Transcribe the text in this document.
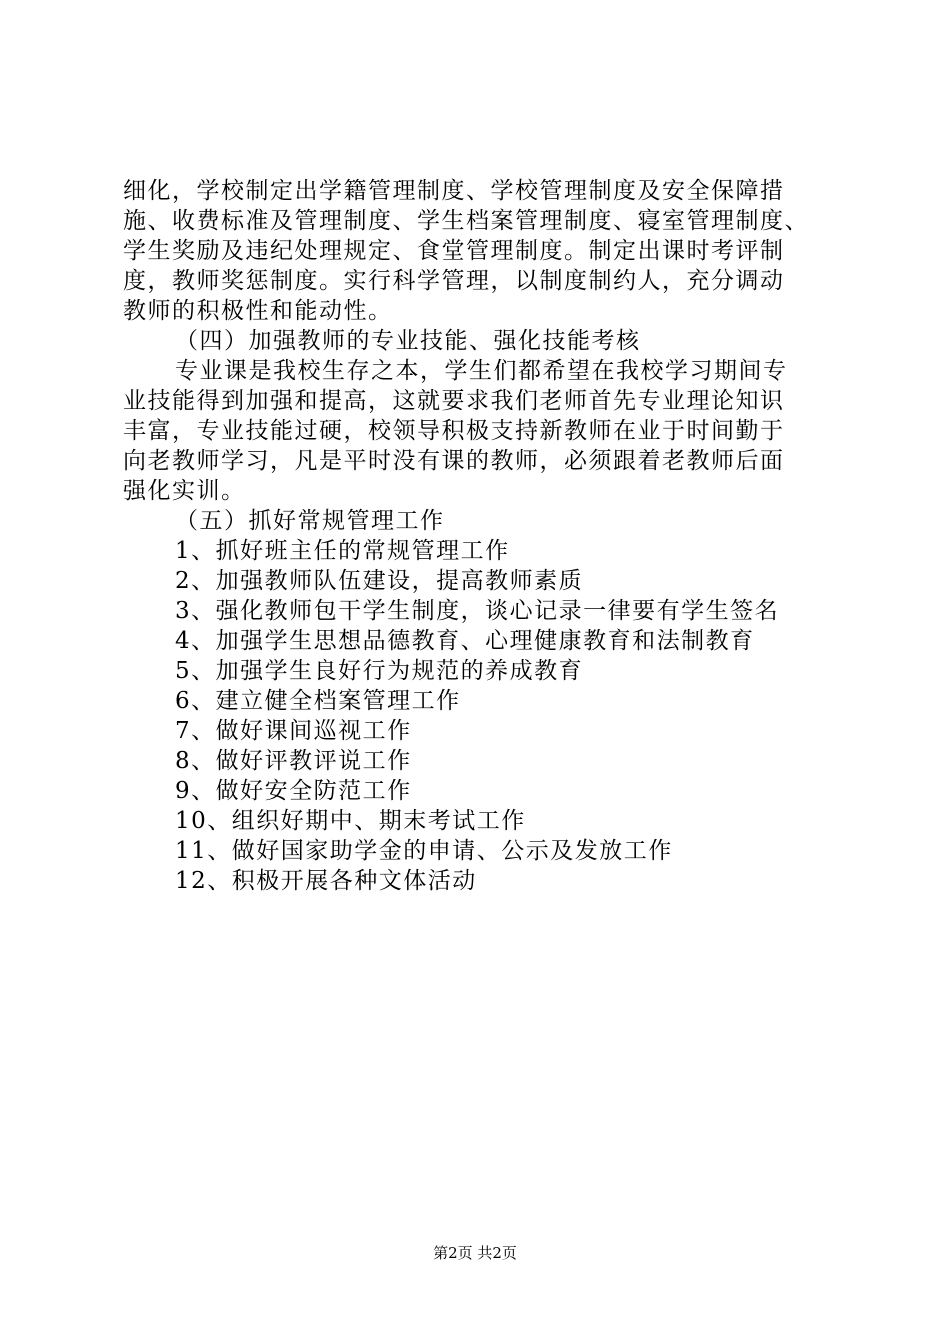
细化，学校制定出学籍管理制度、学校管理制度及安全保障措
施、收费标准及管理制度、学生档案管理制度、寝室管理制度、
学生奖励及违纪处理规定、食堂管理制度。制定出课时考评制
度，教师奖惩制度。实行科学管理，以制度制约人，充分调动
教师的积极性和能动性。
（四）加强教师的专业技能、强化技能考核
专业课是我校生存之本，学生们都希望在我校学习期间专
业技能得到加强和提高，这就要求我们老师首先专业理论知识
丰富，专业技能过硬，校领导积极支持新教师在业于时间勤于
向老教师学习，凡是平时没有课的教师，必须跟着老教师后面
强化实训。
（五）抓好常规管理工作
1、抓好班主任的常规管理工作
2、加强教师队伍建设，提高教师素质
3、强化教师包干学生制度，谈心记录一律要有学生签名
4、加强学生思想品德教育、心理健康教育和法制教育
5、加强学生良好行为规范的养成教育
6、建立健全档案管理工作
7、做好课间巡视工作
8、做好评教评说工作
9、做好安全防范工作
10、组织好期中、期末考试工作
11、做好国家助学金的申请、公示及发放工作
12、积极开展各种文体活动
第2页 共2页
